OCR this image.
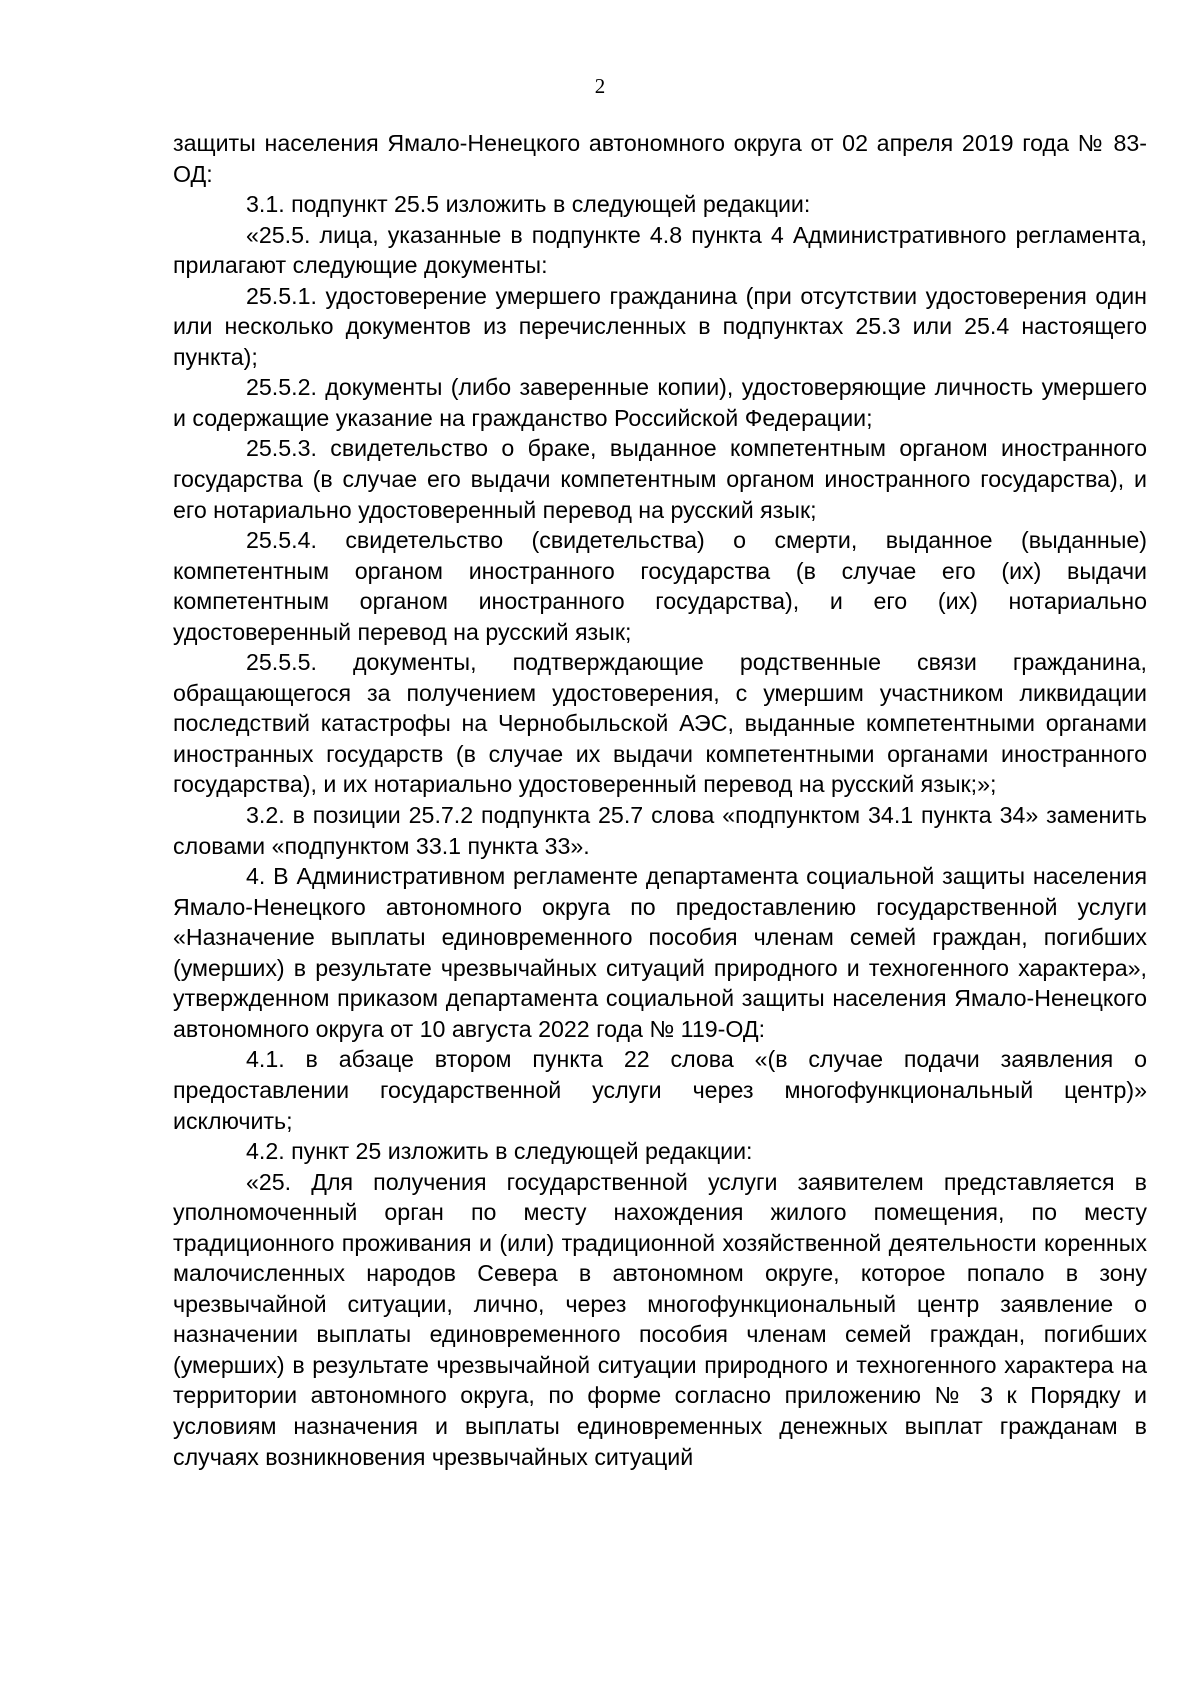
2

защиты населения Ямало-Ненецкого автономного округа от 02 апреля 2019 года № 83-ОД:

3.1. подпункт 25.5 изложить в следующей редакции:

«25.5. лица, указанные в подпункте 4.8 пункта 4 Административного регламента, прилагают следующие документы:

25.5.1. удостоверение умершего гражданина (при отсутствии удостоверения один или несколько документов из перечисленных в подпунктах 25.3 или 25.4 настоящего пункта);

25.5.2. документы (либо заверенные копии), удостоверяющие личность умершего и содержащие указание на гражданство Российской Федерации;

25.5.3. свидетельство о браке, выданное компетентным органом иностранного государства (в случае его выдачи компетентным органом иностранного государства), и его нотариально удостоверенный перевод на русский язык;

25.5.4. свидетельство (свидетельства) о смерти, выданное (выданные) компетентным органом иностранного государства (в случае его (их) выдачи компетентным органом иностранного государства), и его (их) нотариально удостоверенный перевод на русский язык;

25.5.5. документы, подтверждающие родственные связи гражданина, обращающегося за получением удостоверения, с умершим участником ликвидации последствий катастрофы на Чернобыльской АЭС, выданные компетентными органами иностранных государств (в случае их выдачи компетентными органами иностранного государства), и их нотариально удостоверенный перевод на русский язык;»;

3.2. в позиции 25.7.2 подпункта 25.7 слова «подпунктом 34.1 пункта 34» заменить словами «подпунктом 33.1 пункта 33».

4. В Административном регламенте департамента социальной защиты населения Ямало-Ненецкого автономного округа по предоставлению государственной услуги «Назначение выплаты единовременного пособия членам семей граждан, погибших (умерших) в результате чрезвычайных ситуаций природного и техногенного характера», утвержденном приказом департамента социальной защиты населения Ямало-Ненецкого автономного округа от 10 августа 2022 года № 119-ОД:

4.1. в абзаце втором пункта 22 слова «(в случае подачи заявления о предоставлении государственной услуги через многофункциональный центр)» исключить;

4.2. пункт 25 изложить в следующей редакции:

«25. Для получения государственной услуги заявителем представляется в уполномоченный орган по месту нахождения жилого помещения, по месту традиционного проживания и (или) традиционной хозяйственной деятельности коренных малочисленных народов Севера в автономном округе, которое попало в зону чрезвычайной ситуации, лично, через многофункциональный центр заявление о назначении выплаты единовременного пособия членам семей граждан, погибших (умерших) в результате чрезвычайной ситуации природного и техногенного характера на территории автономного округа, по форме согласно приложению № 3 к Порядку и условиям назначения и выплаты единовременных денежных выплат гражданам в случаях возникновения чрезвычайных ситуаций
